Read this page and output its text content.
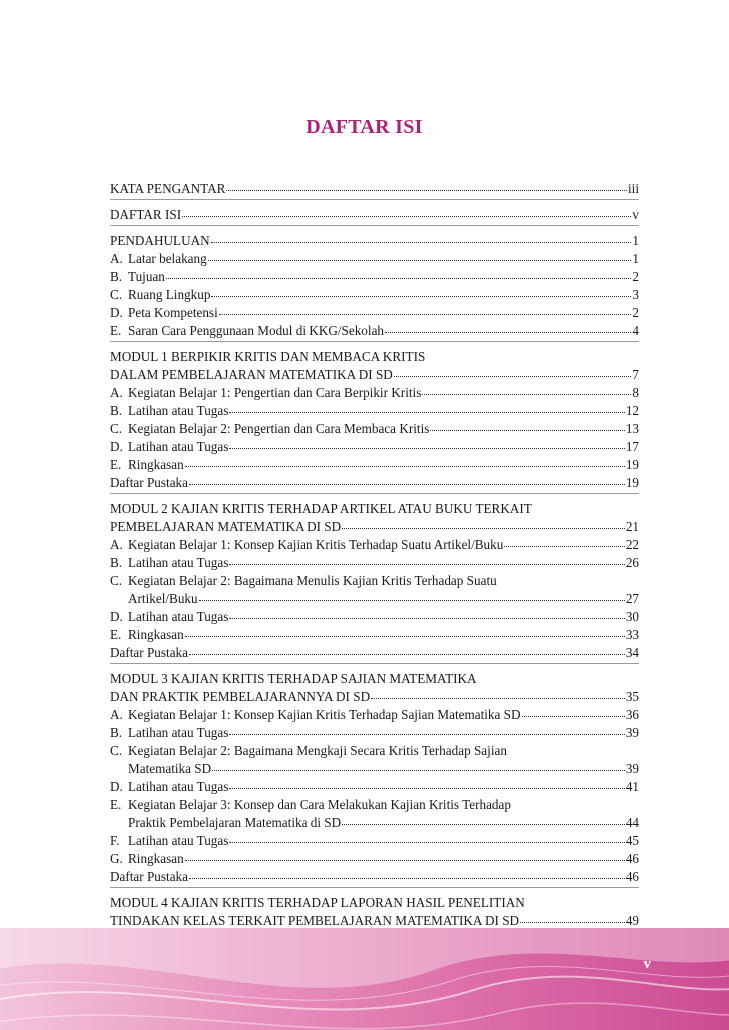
DAFTAR ISI
KATA PENGANTAR	iii
DAFTAR ISI	v
PENDAHULUAN	1
A. Latar belakang	1
B. Tujuan	2
C. Ruang Lingkup	3
D. Peta Kompetensi	2
E. Saran Cara Penggunaan Modul di KKG/Sekolah	4
MODUL 1 BERPIKIR KRITIS DAN MEMBACA KRITIS
DALAM PEMBELAJARAN MATEMATIKA DI SD	7
A. Kegiatan Belajar 1: Pengertian dan Cara Berpikir Kritis	8
B. Latihan atau Tugas	12
C. Kegiatan Belajar 2: Pengertian dan Cara Membaca Kritis	13
D. Latihan atau Tugas	17
E. Ringkasan	19
Daftar Pustaka	19
MODUL 2 KAJIAN KRITIS TERHADAP ARTIKEL ATAU BUKU TERKAIT
PEMBELAJARAN MATEMATIKA DI SD	21
A. Kegiatan Belajar 1: Konsep Kajian Kritis Terhadap Suatu Artikel/Buku	22
B. Latihan atau Tugas	26
C. Kegiatan Belajar 2: Bagaimana Menulis Kajian Kritis Terhadap Suatu
Artikel/Buku	27
D. Latihan atau Tugas	30
E. Ringkasan	33
Daftar Pustaka	34
MODUL 3 KAJIAN KRITIS TERHADAP SAJIAN MATEMATIKA
DAN PRAKTIK PEMBELAJARANNYA DI SD	35
A. Kegiatan Belajar 1: Konsep Kajian Kritis Terhadap Sajian Matematika SD	36
B. Latihan atau Tugas	39
C. Kegiatan Belajar 2: Bagaimana Mengkaji Secara Kritis Terhadap Sajian
Matematika SD	39
D. Latihan atau Tugas	41
E. Kegiatan Belajar 3: Konsep dan Cara Melakukan Kajian Kritis Terhadap
Praktik Pembelajaran Matematika di SD	44
F. Latihan atau Tugas	45
G. Ringkasan	46
Daftar Pustaka	46
MODUL 4 KAJIAN KRITIS TERHADAP LAPORAN HASIL PENELITIAN
TINDAKAN KELAS TERKAIT PEMBELAJARAN MATEMATIKA DI SD	49
v
